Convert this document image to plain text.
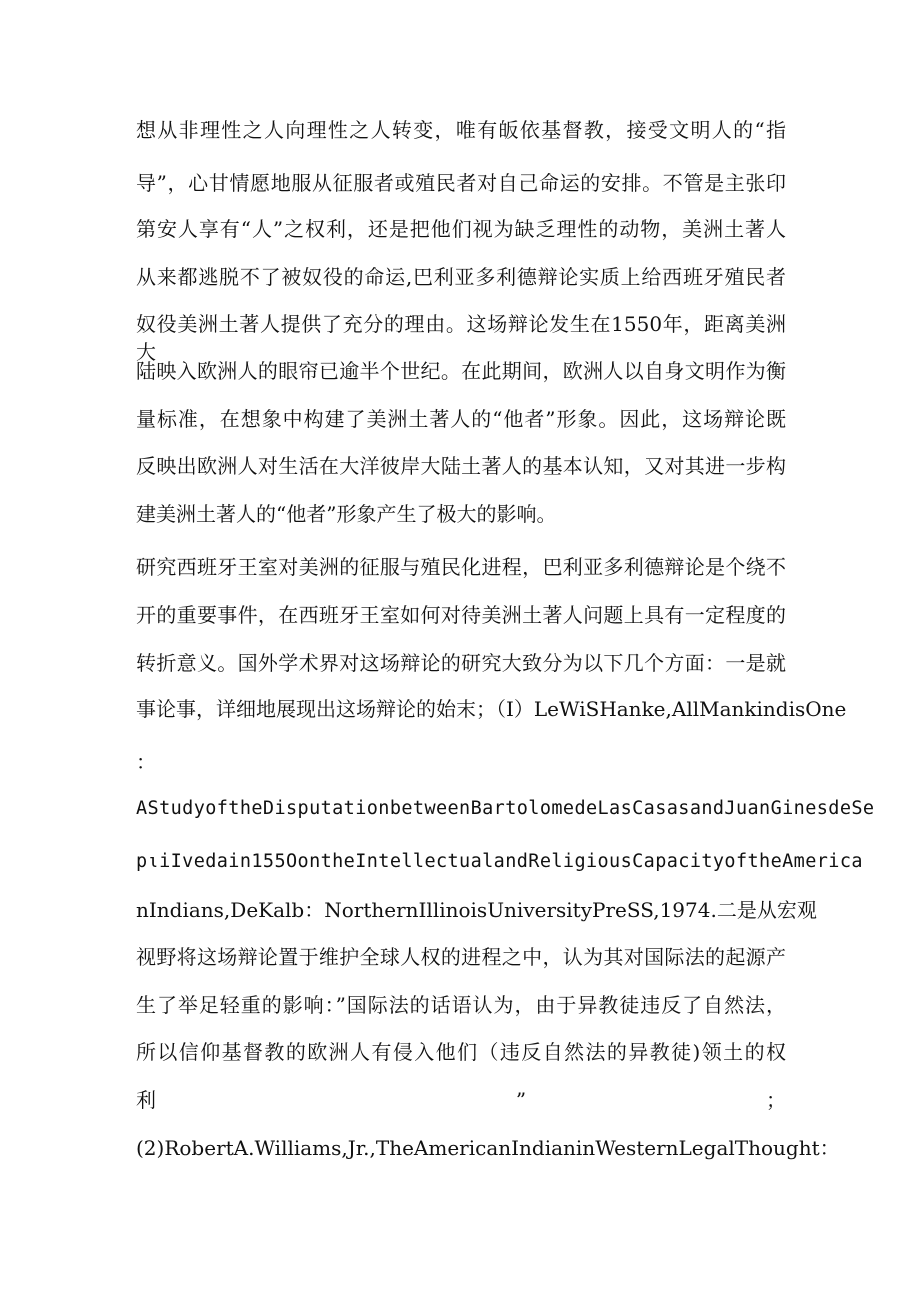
想从非理性之人向理性之人转变，唯有皈依基督教，接受文明人的“指
导”，心甘情愿地服从征服者或殖民者对自己命运的安排。不管是主张印
第安人享有“人”之权利，还是把他们视为缺乏理性的动物，美洲土著人
从来都逃脱不了被奴役的命运,巴利亚多利德辩论实质上给西班牙殖民者
奴役美洲土著人提供了充分的理由。这场辩论发生在1550年，距离美洲大
陆映入欧洲人的眼帘已逾半个世纪。在此期间，欧洲人以自身文明作为衡
量标准，在想象中构建了美洲土著人的“他者”形象。因此，这场辩论既
反映出欧洲人对生活在大洋彼岸大陆土著人的基本认知，又对其进一步构
建美洲土著人的“他者”形象产生了极大的影响。
研究西班牙王室对美洲的征服与殖民化进程，巴利亚多利德辩论是个绕不
开的重要事件，在西班牙王室如何对待美洲土著人问题上具有一定程度的
转折意义。国外学术界对这场辩论的研究大致分为以下几个方面：一是就
事论事，详细地展现出这场辩论的始末；（I）LeWiSHanke,AllMankindisOne
：
AStudyoftheDisputationbetweenBartolomedeLasCasasandJuanGinesdeSe
pιiIvedain155OontheIntellectualandReligiousCapacityoftheAmerica
nIndians,DeKalb：NorthernIllinoisUniversityPreSS,1974.二是从宏观
视野将这场辩论置于维护全球人权的进程之中，认为其对国际法的起源产
生了举足轻重的影响：”国际法的话语认为，由于异教徒违反了自然法，
所以信仰基督教的欧洲人有侵入他们（违反自然法的异教徒)领土的权
利	”	；
(2)RobertA.Williams,Jr.,TheAmericanIndianinWesternLegalThought：
